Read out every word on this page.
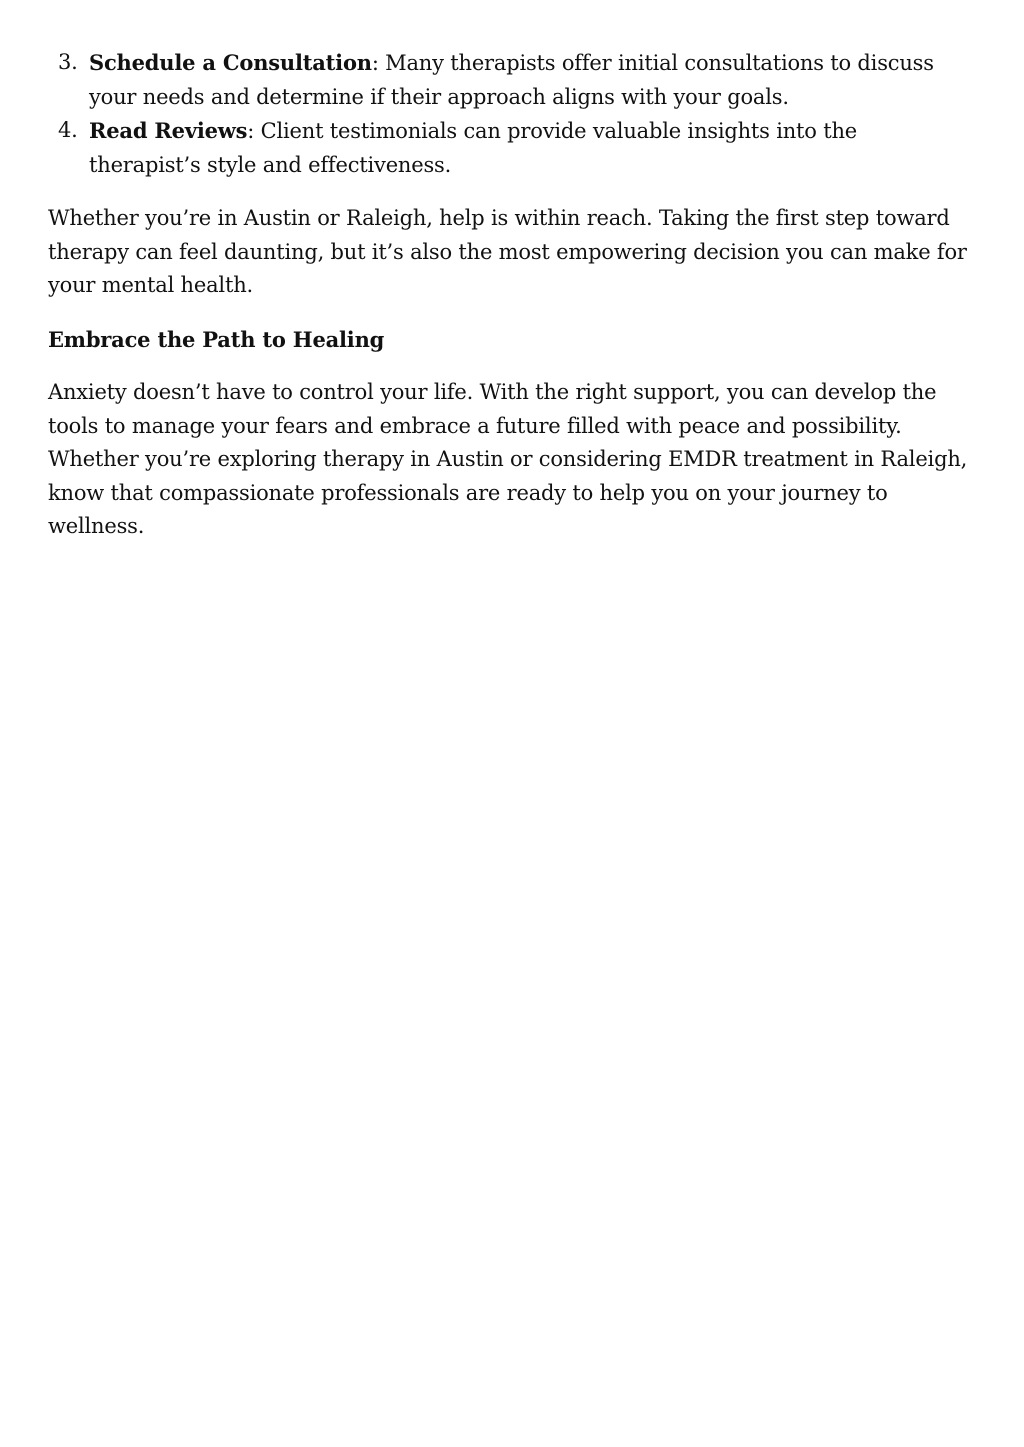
3. Schedule a Consultation: Many therapists offer initial consultations to discuss your needs and determine if their approach aligns with your goals.
4. Read Reviews: Client testimonials can provide valuable insights into the therapist’s style and effectiveness.

Whether you’re in Austin or Raleigh, help is within reach. Taking the first step toward therapy can feel daunting, but it’s also the most empowering decision you can make for your mental health.

Embrace the Path to Healing

Anxiety doesn’t have to control your life. With the right support, you can develop the tools to manage your fears and embrace a future filled with peace and possibility. Whether you’re exploring therapy in Austin or considering EMDR treatment in Raleigh, know that compassionate professionals are ready to help you on your journey to wellness.
